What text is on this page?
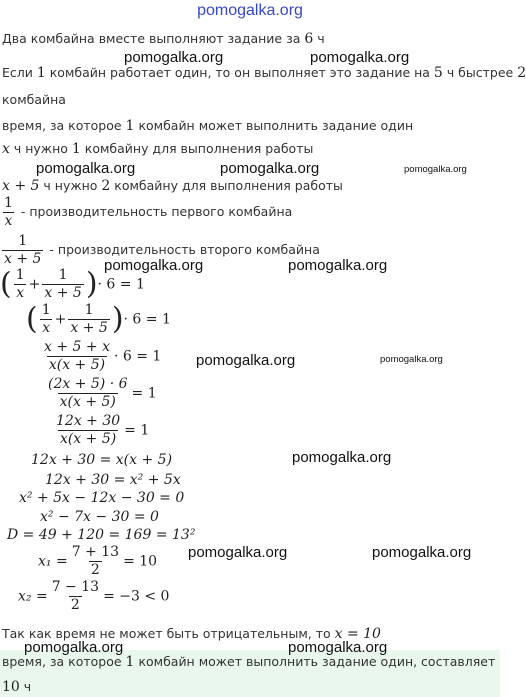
pomogalka.org
Два комбайна вместе выполняют задание за 6 ч
Если 1 комбайн работает один, то он выполняет это задание на 5 ч быстрее 2
комбайна
время, за которое 1 комбайн может выполнить задание один
x ч нужно 1 комбайну для выполнения работы
x + 5 ч нужно 2 комбайну для выполнения работы
$\frac{1}{x}$ - производительность первого комбайна
$\frac{1}{x + 5}$ - производительность второго комбайна
( $\frac{1}{x} + \frac{1}{x + 5}$ )· 6 = 1
( $\frac{1}{x} + \frac{1}{x + 5}$ )· 6 = 1
$\frac{x + 5 + x}{x(x + 5)} \cdot 6 = 1$
$\frac{(2x + 5) \cdot 6}{x(x + 5)} = 1$
$\frac{12x + 30}{x(x + 5)} = 1$
12x + 30 = x(x + 5)
12x + 30 = x² + 5x
x² + 5x − 12x − 30 = 0
x² − 7x − 30 = 0
D = 49 + 120 = 169 = 13²
$x_1 = \frac{7 + 13}{2} = 10$
$x_2 = \frac{7 - 13}{2} = -3 < 0$
Так как время не может быть отрицательным, то x = 10
время, за которое 1 комбайн может выполнить задание один, составляет
10 ч
pomogalka.org	pomogalka.org
pomogalka.org	pomogalka.org	pomogalka.org
pomogalka.org	pomogalka.org
pomogalka.org	pomogalka.org
pomogalka.org
pomogalka.org	pomogalka.org
pomogalka.org	pomogalka.org
